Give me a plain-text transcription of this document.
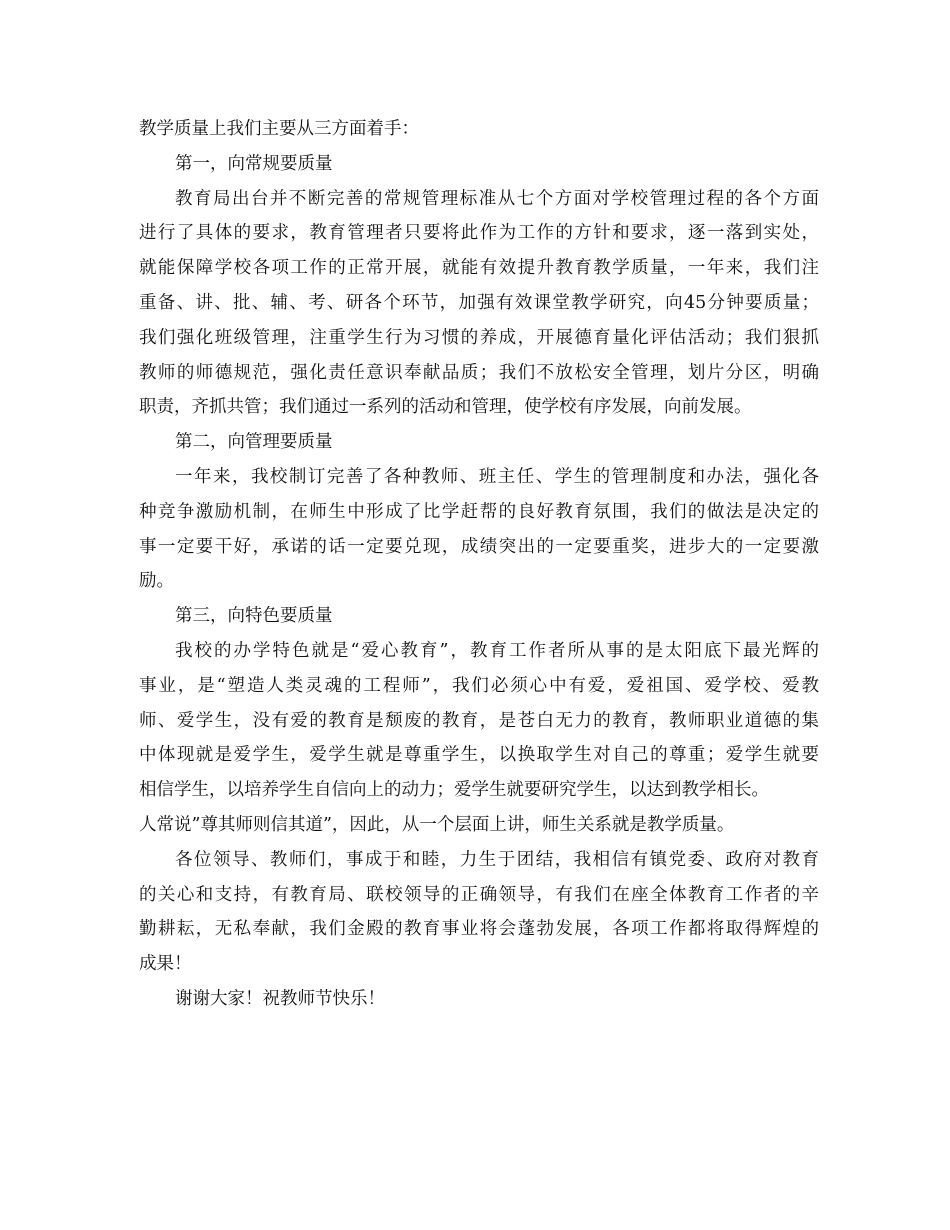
教学质量上我们主要从三方面着手：
第一，向常规要质量
教育局出台并不断完善的常规管理标准从七个方面对学校管理过程的各个方面
进行了具体的要求，教育管理者只要将此作为工作的方针和要求，逐一落到实处，
就能保障学校各项工作的正常开展，就能有效提升教育教学质量，一年来，我们注
重备、讲、批、辅、考、研各个环节，加强有效课堂教学研究，向45分钟要质量；
我们强化班级管理，注重学生行为习惯的养成，开展德育量化评估活动；我们狠抓
教师的师德规范，强化责任意识奉献品质；我们不放松安全管理，划片分区，明确
职责，齐抓共管；我们通过一系列的活动和管理，使学校有序发展，向前发展。
第二，向管理要质量
一年来，我校制订完善了各种教师、班主任、学生的管理制度和办法，强化各
种竞争激励机制，在师生中形成了比学赶帮的良好教育氛围，我们的做法是决定的
事一定要干好，承诺的话一定要兑现，成绩突出的一定要重奖，进步大的一定要激
励。
第三，向特色要质量
我校的办学特色就是“爱心教育”，教育工作者所从事的是太阳底下最光辉的
事业，是“塑造人类灵魂的工程师”，我们必须心中有爱，爱祖国、爱学校、爱教
师、爱学生，没有爱的教育是颓废的教育，是苍白无力的教育，教师职业道德的集
中体现就是爱学生，爱学生就是尊重学生，以换取学生对自己的尊重；爱学生就要
相信学生，以培养学生自信向上的动力；爱学生就要研究学生，以达到教学相长。
人常说”尊其师则信其道”，因此，从一个层面上讲，师生关系就是教学质量。
各位领导、教师们，事成于和睦，力生于团结，我相信有镇党委、政府对教育
的关心和支持，有教育局、联校领导的正确领导，有我们在座全体教育工作者的辛
勤耕耘，无私奉献，我们金殿的教育事业将会蓬勃发展，各项工作都将取得辉煌的
成果！
谢谢大家！祝教师节快乐！
